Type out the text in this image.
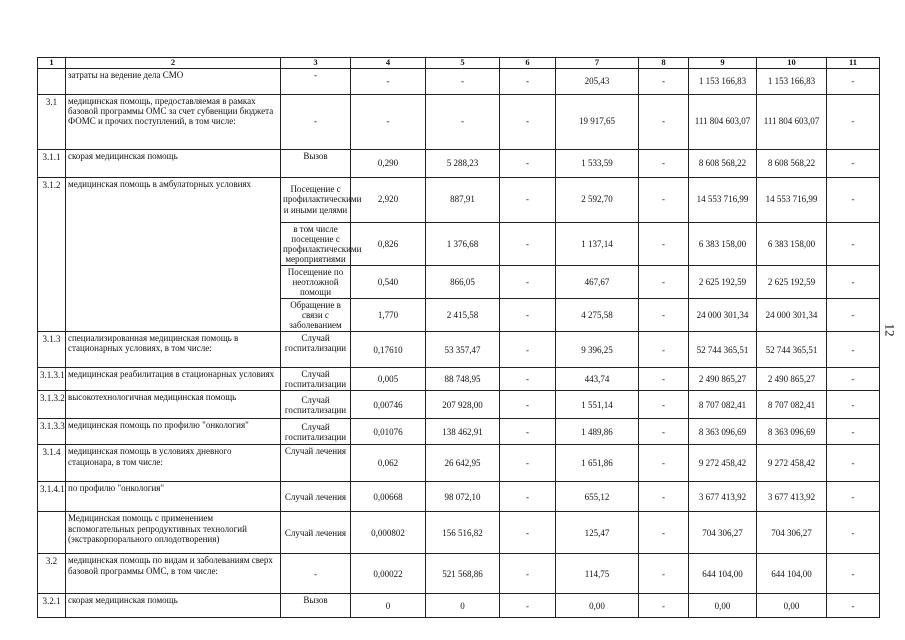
1	2	3	4	5	6	7	8	9	10	11
	затраты на ведение дела СМО	-	-	-	-	205,43	-	1 153 166,83	1 153 166,83	-
3.1	медицинская помощь, предоставляемая в рамках базовой программы ОМС за счет субвенции бюджета ФОМС и прочих поступлений, в том числе:	-	-	-	-	19 917,65	-	111 804 603,07	111 804 603,07	-
3.1.1	скорая медицинская помощь	Вызов	0,290	5 288,23	-	1 533,59	-	8 608 568,22	8 608 568,22	-
3.1.2	медицинская помощь в амбулаторных условиях	Посещение с профилактическими и иными целями	2,920	887,91	-	2 592,70	-	14 553 716,99	14 553 716,99	-
		в том числе посещение с профилактическими мероприятиями	0,826	1 376,68	-	1 137,14	-	6 383 158,00	6 383 158,00	-
		Посещение по неотложной помощи	0,540	866,05	-	467,67	-	2 625 192,59	2 625 192,59	-
		Обращение в связи с заболеванием	1,770	2 415,58	-	4 275,58	-	24 000 301,34	24 000 301,34	-
3.1.3	специализированная медицинская помощь в стационарных условиях, в том числе:	Случай госпитализации	0,17610	53 357,47	-	9 396,25	-	52 744 365,51	52 744 365,51	-
3.1.3.1	медицинская реабилитация в стационарных условиях	Случай госпитализации	0,005	88 748,95	-	443,74	-	2 490 865,27	2 490 865,27	-
3.1.3.2	высокотехнологичная медицинская помощь	Случай госпитализации	0,00746	207 928,00	-	1 551,14	-	8 707 082,41	8 707 082,41	-
3.1.3.3	медицинская помощь по профилю "онкология"	Случай госпитализации	0,01076	138 462,91	-	1 489,86	-	8 363 096,69	8 363 096,69	-
3.1.4	медицинская помощь в условиях дневного стационара, в том числе:	Случай лечения	0,062	26 642,95	-	1 651,86	-	9 272 458,42	9 272 458,42	-
3.1.4.1	по профилю "онкология"	Случай лечения	0,00668	98 072,10	-	655,12	-	3 677 413,92	3 677 413,92	-
	Медицинская помощь с применением вспомогательных репродуктивных технологий (экстракорпорального оплодотворения)	Случай лечения	0,000802	156 516,82	-	125,47	-	704 306,27	704 306,27	-
3.2	медицинская помощь по видам и заболеваниям сверх базовой программы ОМС, в том числе:	-	0,00022	521 568,86	-	114,75	-	644 104,00	644 104,00	-
3.2.1	скорая медицинская помощь	Вызов	0	0	-	0,00	-	0,00	0,00	-
12
